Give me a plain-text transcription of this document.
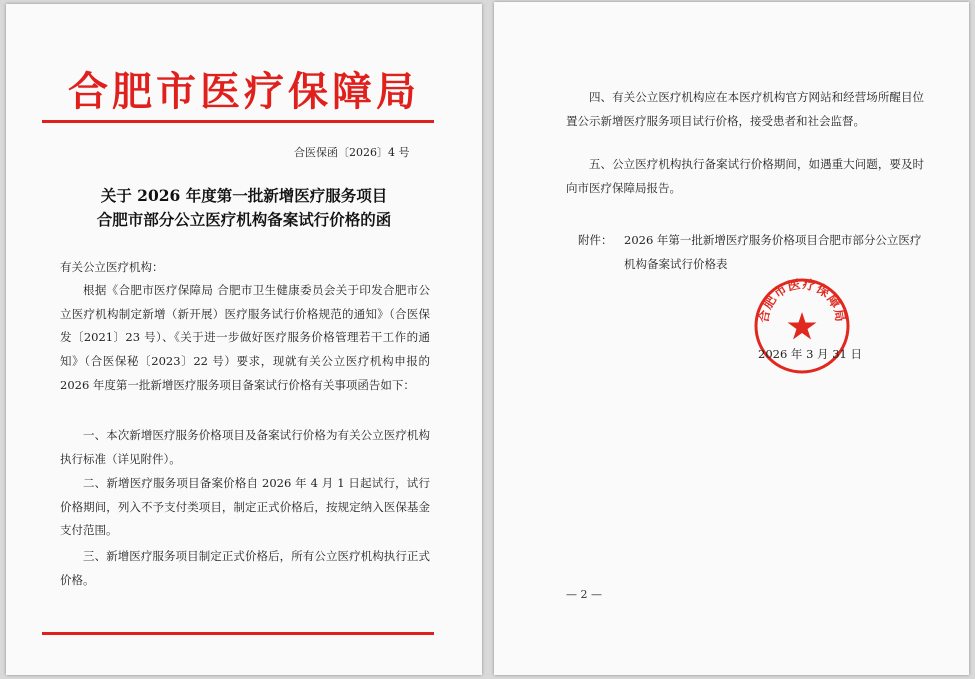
合肥市医疗保障局
合医保函〔2026〕4 号
关于 2026 年度第一批新增医疗服务项目
合肥市部分公立医疗机构备案试行价格的函
有关公立医疗机构：
根据《合肥市医疗保障局 合肥市卫生健康委员会关于印发合肥市公立医疗机构制定新增（新开展）医疗服务试行价格规范的通知》（合医保发〔2021〕23 号）、《关于进一步做好医疗服务价格管理若干工作的通知》（合医保秘〔2023〕22 号）要求，现就有关公立医疗机构申报的 2026 年度第一批新增医疗服务项目备案试行价格有关事项函告如下：
一、本次新增医疗服务价格项目及备案试行价格为有关公立医疗机构执行标准（详见附件）。
二、新增医疗服务项目备案价格自 2026 年 4 月 1 日起试行，试行价格期间，列入不予支付类项目，制定正式价格后，按规定纳入医保基金支付范围。
三、新增医疗服务项目制定正式价格后，所有公立医疗机构执行正式价格。
四、有关公立医疗机构应在本医疗机构官方网站和经营场所醒目位置公示新增医疗服务项目试行价格，接受患者和社会监督。
五、公立医疗机构执行备案试行价格期间，如遇重大问题，要及时向市医疗保障局报告。
附件： 2026 年第一批新增医疗服务价格项目合肥市部分公立医疗机构备案试行价格表
合肥市医疗保障局
2026 年 3 月 31 日
— 2 —
